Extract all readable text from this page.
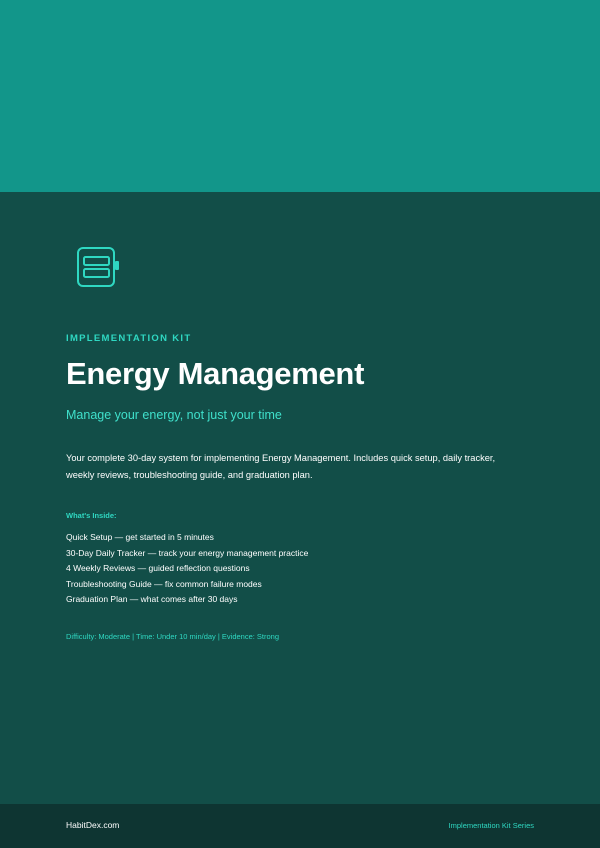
IMPLEMENTATION KIT
Energy Management
Manage your energy, not just your time
Your complete 30-day system for implementing Energy Management. Includes quick setup, daily tracker, weekly reviews, troubleshooting guide, and graduation plan.
What's Inside:
Quick Setup — get started in 5 minutes
30-Day Daily Tracker — track your energy management practice
4 Weekly Reviews — guided reflection questions
Troubleshooting Guide — fix common failure modes
Graduation Plan — what comes after 30 days
Difficulty: Moderate | Time: Under 10 min/day | Evidence: Strong
HabitDex.com	Implementation Kit Series
